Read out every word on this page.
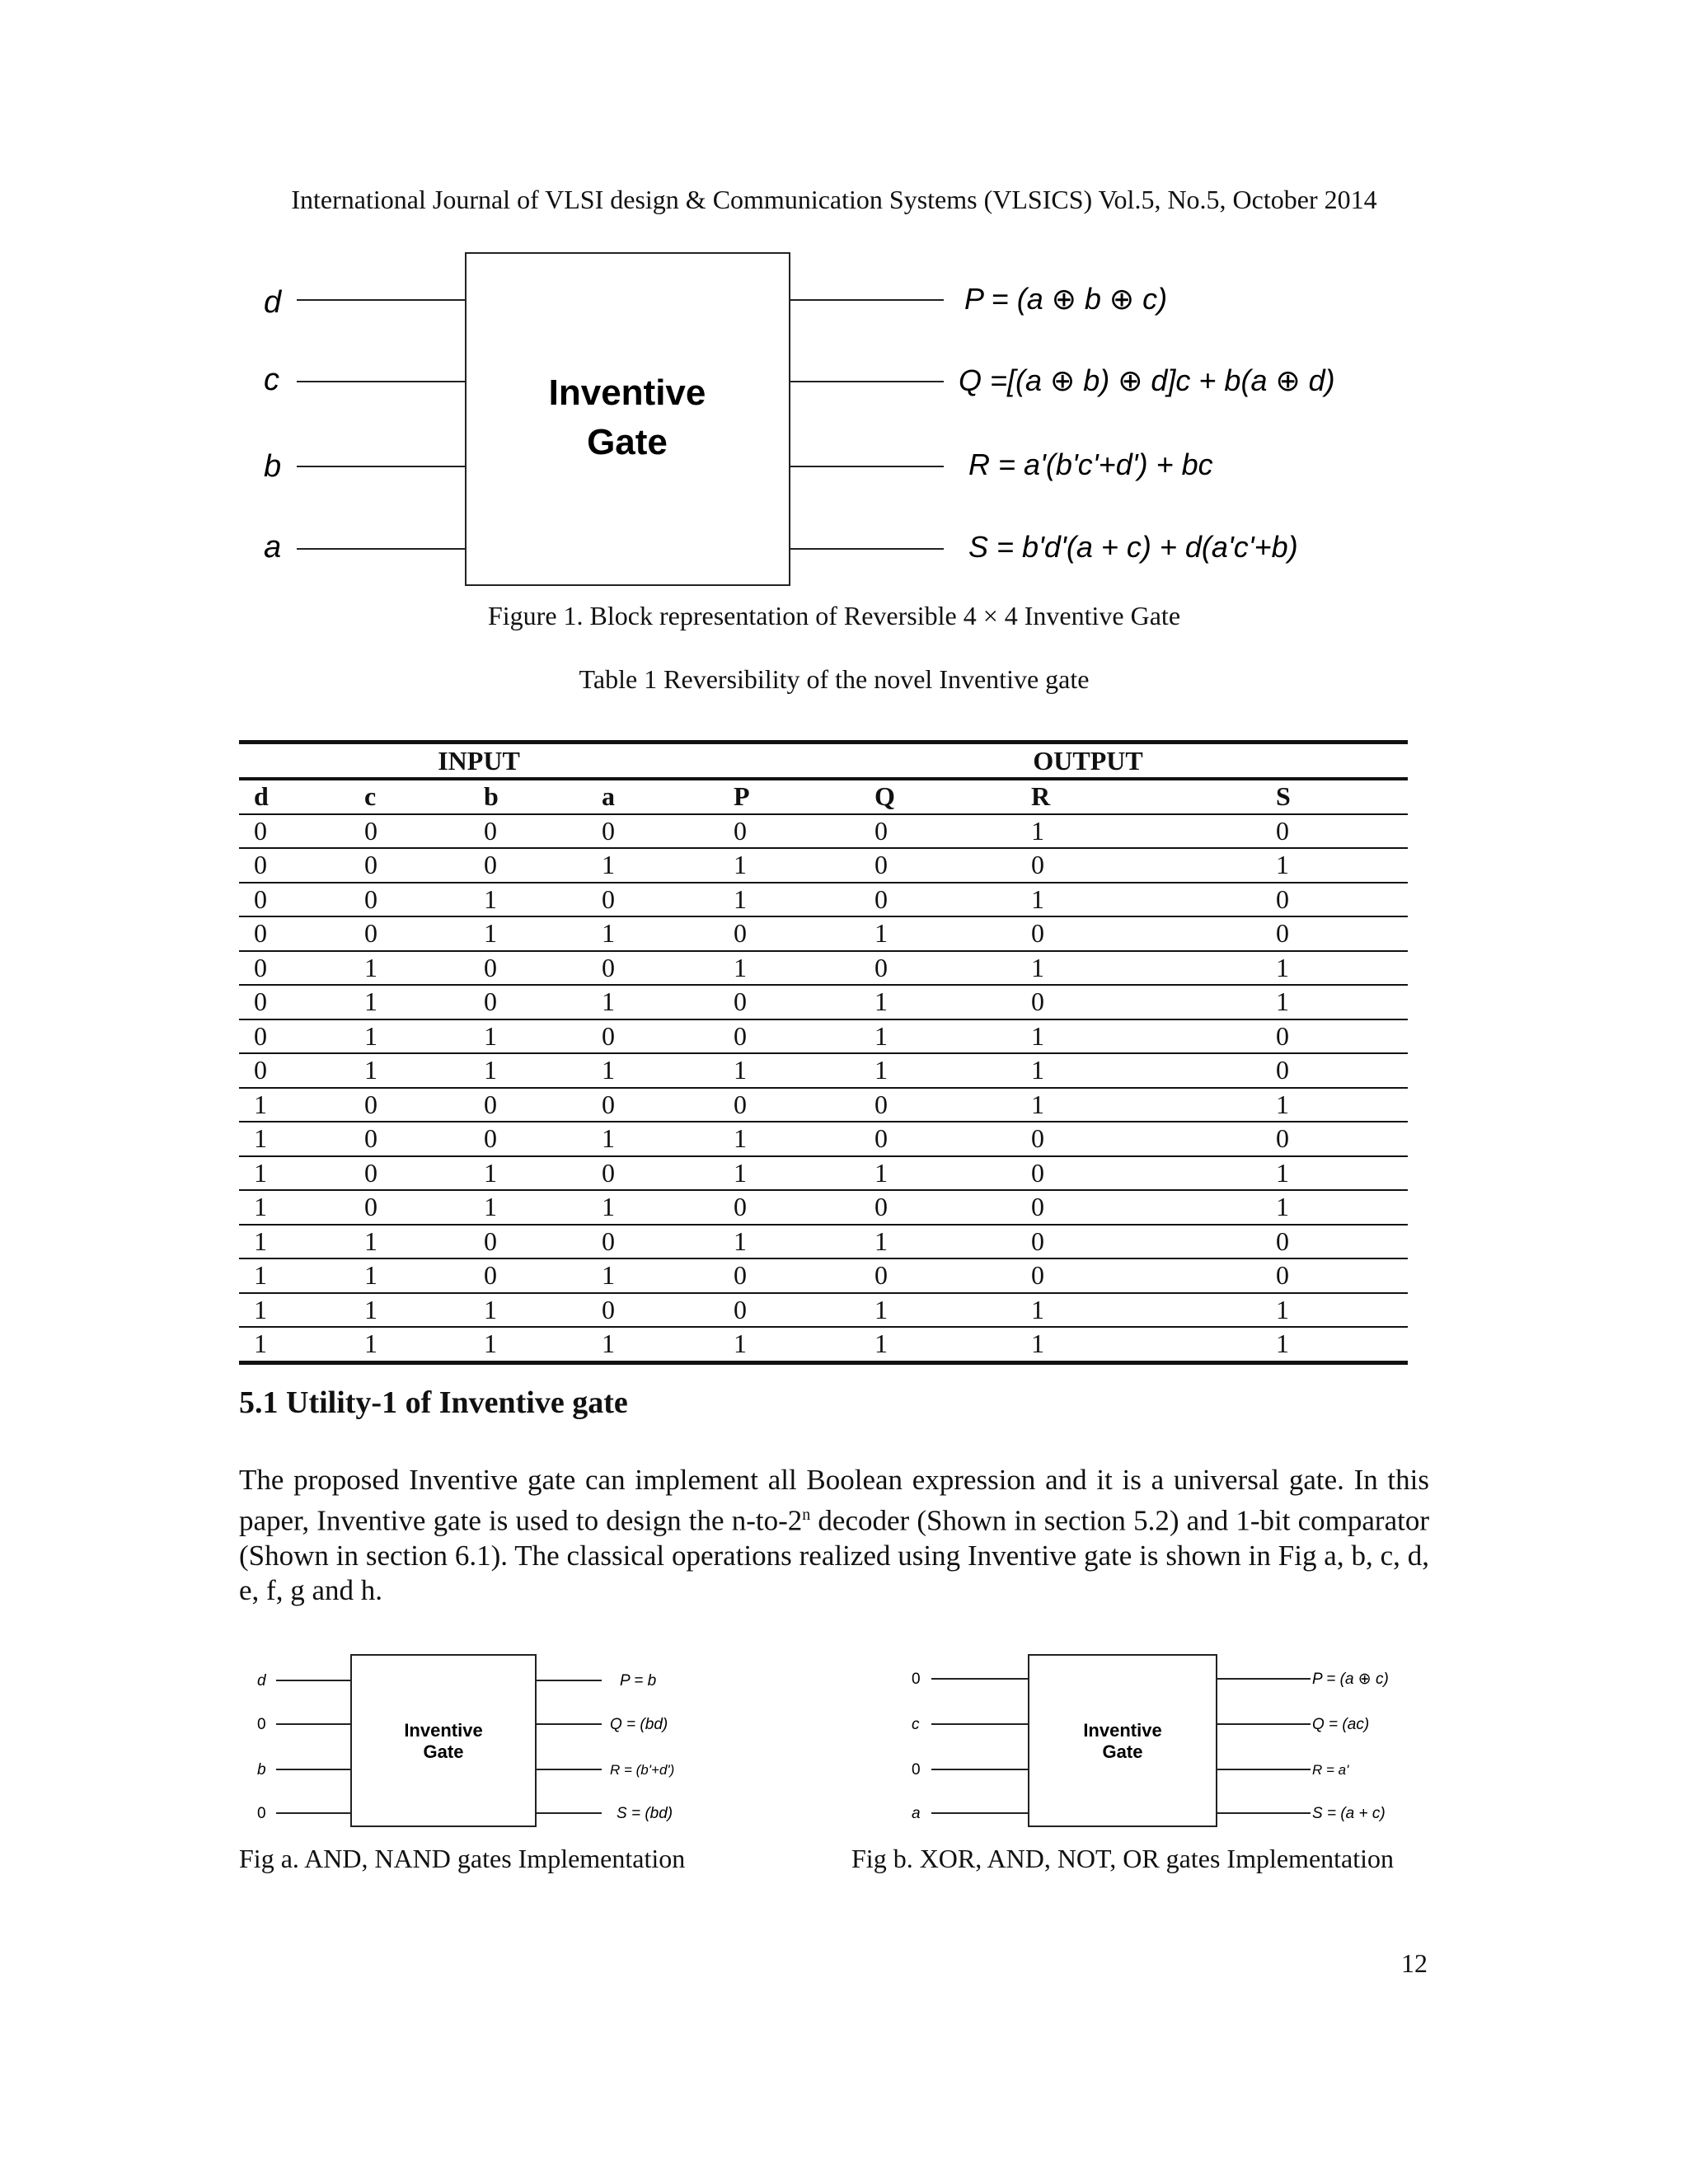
International Journal of VLSI design & Communication Systems (VLSICS) Vol.5, No.5, October 2014
Inventive
Gate
d
c
b
a
P = (a ⊕ b ⊕ c)
Q =[(a ⊕ b) ⊕ d]c + b(a ⊕ d)
R = a'(b'c'+d') + bc
S = b'd'(a + c) + d(a'c'+b)
Figure 1. Block representation of Reversible 4 × 4 Inventive Gate
Table 1 Reversibility of the novel Inventive gate
INPUT				OUTPUT			
d	c	b	a	P	Q	R	S
0	0	0	0	0	0	1	0
0	0	0	1	1	0	0	1
0	0	1	0	1	0	1	0
0	0	1	1	0	1	0	0
0	1	0	0	1	0	1	1
0	1	0	1	0	1	0	1
0	1	1	0	0	1	1	0
0	1	1	1	1	1	1	0
1	0	0	0	0	0	1	1
1	0	0	1	1	0	0	0
1	0	1	0	1	1	0	1
1	0	1	1	0	0	0	1
1	1	0	0	1	1	0	0
1	1	0	1	0	0	0	0
1	1	1	0	0	1	1	1
1	1	1	1	1	1	1	1
5.1 Utility-1 of Inventive gate
The proposed Inventive gate can implement all Boolean expression and it is a universal gate. In this paper, Inventive gate is used to design the n-to-2$^n$ decoder (Shown in section 5.2) and 1-bit comparator (Shown in section 6.1). The classical operations realized using Inventive gate is shown in Fig a, b, c, d, e, f, g and h.
Inventive
Gate
d
0
b
0
P = b
Q = (bd)
R = (b'+d')
S = (bd)
Fig a. AND, NAND gates Implementation
Inventive
Gate
0
c
0
a
P = (a ⊕ c)
Q = (ac)
R = a'
S = (a + c)
Fig b. XOR, AND, NOT, OR gates Implementation
12
